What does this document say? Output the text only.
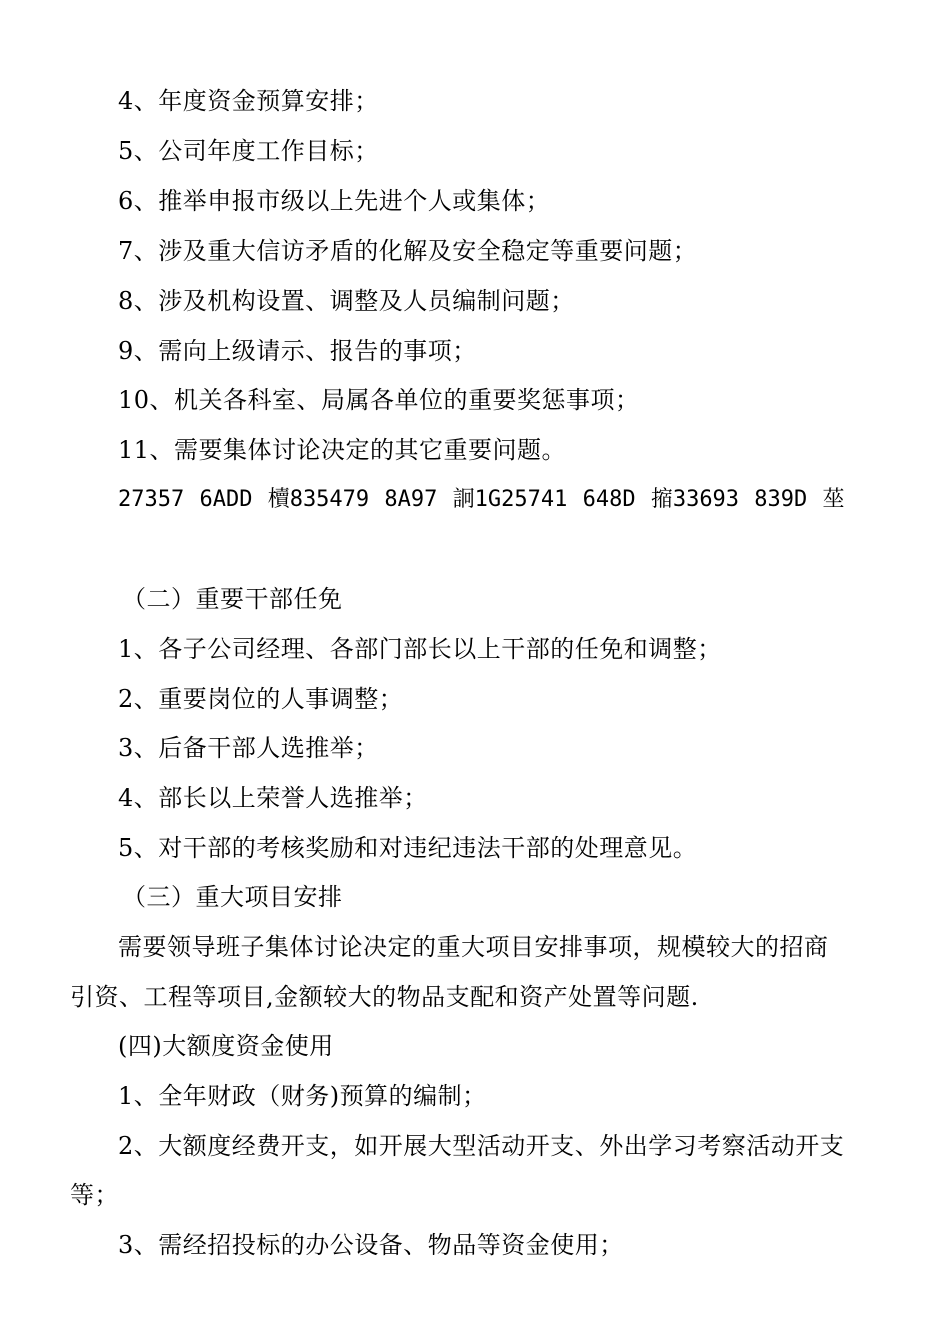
4、年度资金预算安排；
5、公司年度工作目标；
6、推举申报市级以上先进个人或集体；
7、涉及重大信访矛盾的化解及安全稳定等重要问题；
8、涉及机构设置、调整及人员编制问题；
9、需向上级请示、报告的事项；
10、机关各科室、局属各单位的重要奖惩事项；
11、需要集体讨论决定的其它重要问题。
27357 6ADD 櫝835479 8A97 詗1G25741 648D 摍33693 839D 莝
（二）重要干部任免
1、各子公司经理、各部门部长以上干部的任免和调整；
2、重要岗位的人事调整；
3、后备干部人选推举；
4、部长以上荣誉人选推举；
5、对干部的考核奖励和对违纪违法干部的处理意见。
（三）重大项目安排
需要领导班子集体讨论决定的重大项目安排事项，规模较大的招商
引资、工程等项目,金额较大的物品支配和资产处置等问题.
(四)大额度资金使用
1、全年财政（财务)预算的编制；
2、大额度经费开支，如开展大型活动开支、外出学习考察活动开支
等；
3、需经招投标的办公设备、物品等资金使用；
